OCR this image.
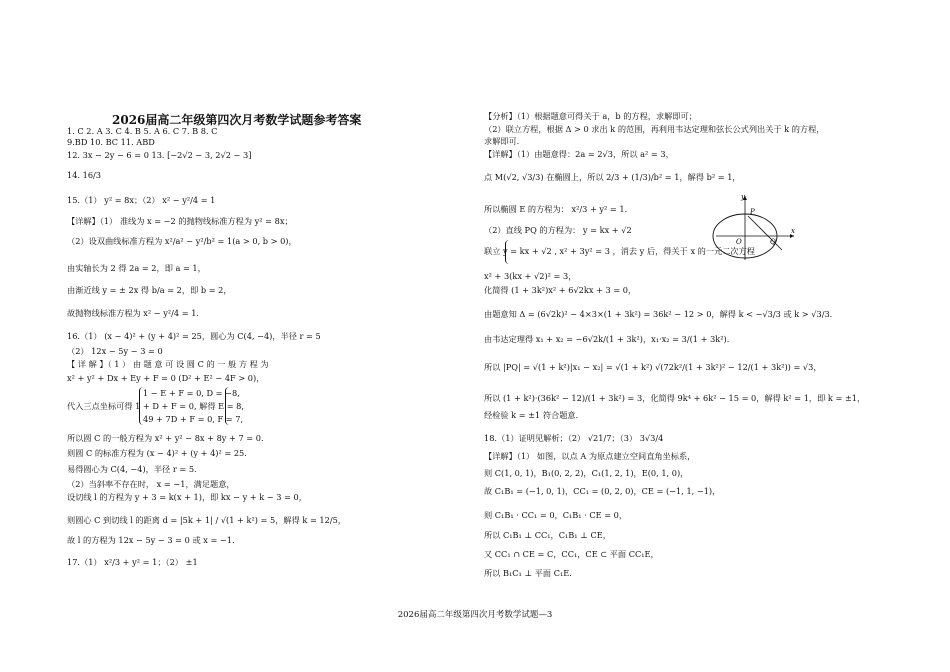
2026届高二年级第四次月考数学试题参考答案
1. C 2. A 3. C 4. B 5. A 6. C 7. B 8. C
9.BD 10. BC 11. ABD
12. 3x − 2y − 6 = 0 13. [−2√2 − 3, 2√2 − 3]
14. 16/3
15.（1） y² = 8x；（2） x² − y²/4 = 1
【详解】（1） 准线为 x = −2 的抛物线标准方程为 y² = 8x；
（2）设双曲线标准方程为 x²/a² − y²/b² = 1(a > 0, b > 0)，
由实轴长为 2 得 2a = 2，即 a = 1，
由渐近线 y = ± 2x 得 b/a = 2，即 b = 2，
故抛物线标准方程为 x² − y²/4 = 1．
16.（1） (x − 4)² + (y + 4)² = 25，圆心为 C(4, −4)，半径 r = 5
（2） 12x − 5y − 3 = 0
【 详 解 】（ 1 ） 由 题 意 可 设 圆 C 的 一 般 方 程 为
x² + y² + Dx + Ey + F = 0 (D² + E² − 4F > 0)，
1 − E + F = 0, D = −8,
代入三点坐标可得 1 + D + F = 0, 解得 E = 8,
49 + 7D + F = 0, F = 7,
所以圆 C 的一般方程为 x² + y² − 8x + 8y + 7 = 0．
则圆 C 的标准方程为 (x − 4)² + (y + 4)² = 25．
易得圆心为 C(4, −4)，半径 r = 5．
（2）当斜率不存在时， x = −1，满足题意，
设切线 l 的方程为 y + 3 = k(x + 1)，即 kx − y + k − 3 = 0，
则圆心 C 到切线 l 的距离 d = |5k + 1| / √(1 + k²) = 5，解得 k = 12/5，
故 l 的方程为 12x − 5y − 3 = 0 或 x = −1．
17.（1） x²/3 + y² = 1；（2） ±1
【分析】（1）根据题意可得关于 a，b 的方程，求解即可；
（2）联立方程，根据 Δ > 0 求出 k 的范围，再利用韦达定理和弦长公式列出关于 k 的方程，
求解即可．
【详解】（1）由题意得：2a = 2√3，所以 a² = 3，
点 M(√2, √3/3) 在椭圆上，所以 2/3 + (1/3)/b² = 1，解得 b² = 1，
所以椭圆 E 的方程为： x²/3 + y² = 1．
（2）直线 PQ 的方程为： y = kx + √2
联立 y = kx + √2 , x² + 3y² = 3 ，消去 y 后，得关于 x 的一元二次方程
x² + 3(kx + √2)² = 3，
化简得 (1 + 3k²)x² + 6√2kx + 3 = 0，
由题意知 Δ = (6√2k)² − 4×3×(1 + 3k²) = 36k² − 12 > 0，解得 k < −√3/3 或 k > √3/3．
由韦达定理得 x₁ + x₂ = −6√2k/(1 + 3k²)，x₁·x₂ = 3/(1 + 3k²)．
所以 |PQ| = √(1 + k²)|x₁ − x₂| = √(1 + k²) √(72k²/(1 + 3k²)² − 12/(1 + 3k²)) = √3，
所以 (1 + k²)·(36k² − 12)/(1 + 3k²) = 3，化简得 9k⁴ + 6k² − 15 = 0，解得 k² = 1，即 k = ±1，
经检验 k = ±1 符合题意．
18.（1）证明见解析；（2） √21/7；（3） 3√3/4
【详解】（1） 如图，以点 A 为原点建立空间直角坐标系，
则 C(1, 0, 1)，B₁(0, 2, 2)，C₁(1, 2, 1)，E(0, 1, 0)，
故 C₁B₁ = (−1, 0, 1)，CC₁ = (0, 2, 0)，CE = (−1, 1, −1)，
则 C₁B₁ · CC₁ = 0，C₁B₁ · CE = 0，
所以 C₁B₁ ⊥ CC₁，C₁B₁ ⊥ CE，
又 CC₁ ∩ CE = C，CC₁，CE ⊂ 平面 CC₁E，
所以 B₁C₁ ⊥ 平面 C₁E．
y
x
O
P
Q
2026届高二年级第四次月考数学试题—3
